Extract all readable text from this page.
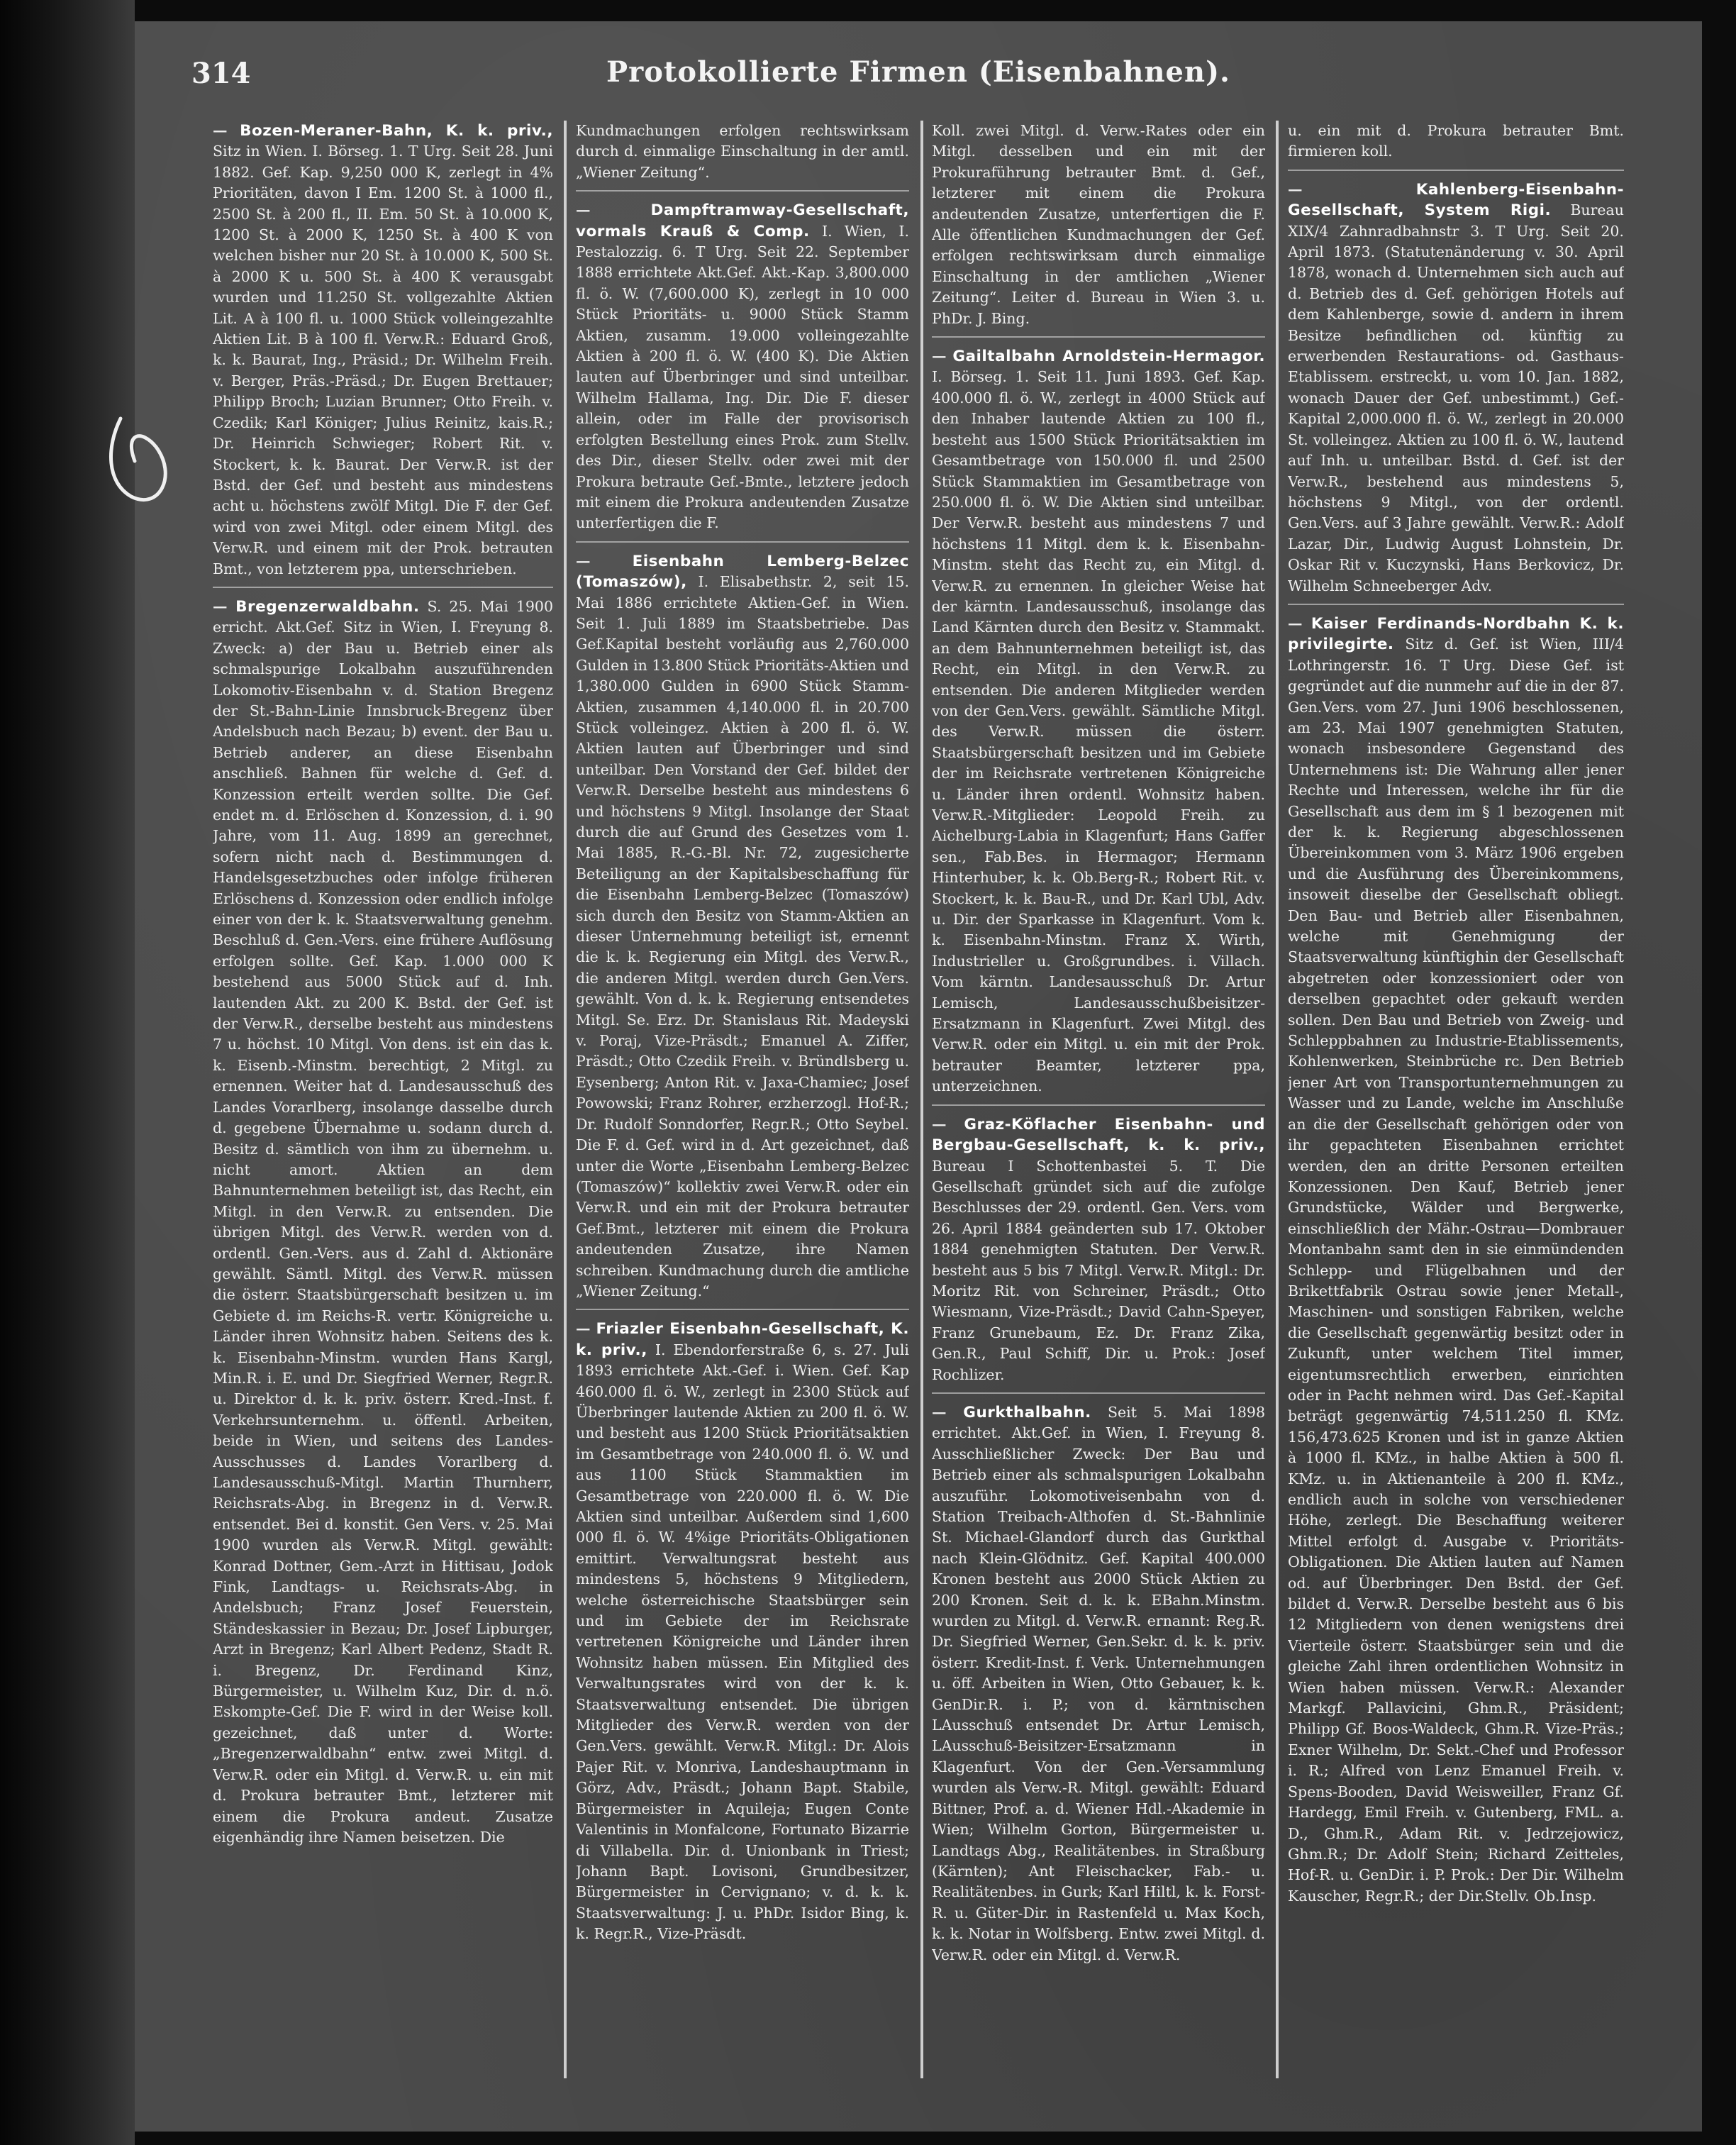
314	Protokollierte Firmen (Eisenbahnen).

— Bozen-Meraner-Bahn, K. k. priv., Sitz in Wien. I. Börseg. 1. T Urg. Seit 28. Juni 1882. Gef. Kap. 9,250 000 K, zerlegt in 4% Prioritäten, davon I Em. 1200 St. à 1000 fl., 2500 St. à 200 fl., II. Em. 50 St. à 10.000 K, 1200 St. à 2000 K, 1250 St. à 400 K von welchen bisher nur 20 St. à 10.000 K, 500 St. à 2000 K u. 500 St. à 400 K verausgabt wurden und 11.250 St. vollgezahlte Aktien Lit. A à 100 fl. u. 1000 Stück volleingezahlte Aktien Lit. B à 100 fl. Verw.R.: Eduard Groß, k. k. Baurat, Ing., Präsid.; Dr. Wilhelm Freih. v. Berger, Präs.-Präsd.; Dr. Eugen Brettauer; Philipp Broch; Luzian Brunner; Otto Freih. v. Czedik; Karl Königer; Julius Reinitz, kais.R.; Dr. Heinrich Schwieger; Robert Rit. v. Stockert, k. k. Baurat. Der Verw.R. ist der Bstd. der Gef. und besteht aus mindestens acht u. höchstens zwölf Mitgl. Die F. der Gef. wird von zwei Mitgl. oder einem Mitgl. des Verw.R. und einem mit der Prok. betrauten Bmt., von letzterem ppa, unterschrieben.

— Bregenzerwaldbahn. S. 25. Mai 1900 erricht. Akt.Gef. Sitz in Wien, I. Freyung 8. Zweck: a) der Bau u. Betrieb einer als schmalspurige Lokalbahn auszuführenden Lokomotiv-Eisenbahn v. d. Station Bregenz der St.-Bahn-Linie Innsbruck-Bregenz über Andelsbuch nach Bezau; b) event. der Bau u. Betrieb anderer, an diese Eisenbahn anschließ. Bahnen für welche d. Gef. d. Konzession erteilt werden sollte. Die Gef. endet m. d. Erlöschen d. Konzession, d. i. 90 Jahre, vom 11. Aug. 1899 an gerechnet, sofern nicht nach d. Bestimmungen d. Handelsgesetzbuches oder infolge früheren Erlöschens d. Konzession oder endlich infolge einer von der k. k. Staatsverwaltung genehm. Beschluß d. Gen.-Vers. eine frühere Auflösung erfolgen sollte. Gef. Kap. 1.000 000 K bestehend aus 5000 Stück auf d. Inh. lautenden Akt. zu 200 K. Bstd. der Gef. ist der Verw.R., derselbe besteht aus mindestens 7 u. höchst. 10 Mitgl. Von dens. ist ein das k. k. Eisenb.-Minstm. berechtigt, 2 Mitgl. zu ernennen. Weiter hat d. Landesausschuß des Landes Vorarlberg, insolange dasselbe durch d. gegebene Übernahme u. sodann durch d. Besitz d. sämtlich von ihm zu übernehm. u. nicht amort. Aktien an dem Bahnunternehmen beteiligt ist, das Recht, ein Mitgl. in den Verw.R. zu entsenden. Die übrigen Mitgl. des Verw.R. werden von d. ordentl. Gen.-Vers. aus d. Zahl d. Aktionäre gewählt. Sämtl. Mitgl. des Verw.R. müssen die österr. Staatsbürgerschaft besitzen u. im Gebiete d. im Reichs-R. vertr. Königreiche u. Länder ihren Wohnsitz haben. Seitens des k. k. Eisenbahn-Minstm. wurden Hans Kargl, Min.R. i. E. und Dr. Siegfried Werner, Regr.R. u. Direktor d. k. k. priv. österr. Kred.-Inst. f. Verkehrsunternehm. u. öffentl. Arbeiten, beide in Wien, und seitens des Landes-Ausschusses d. Landes Vorarlberg d. Landesausschuß-Mitgl. Martin Thurnherr, Reichsrats-Abg. in Bregenz in d. Verw.R. entsendet. Bei d. konstit. Gen Vers. v. 25. Mai 1900 wurden als Verw.R. Mitgl. gewählt: Konrad Dottner, Gem.-Arzt in Hittisau, Jodok Fink, Landtags- u. Reichsrats-Abg. in Andelsbuch; Franz Josef Feuerstein, Ständeskassier in Bezau; Dr. Josef Lipburger, Arzt in Bregenz; Karl Albert Pedenz, Stadt R. i. Bregenz, Dr. Ferdinand Kinz, Bürgermeister, u. Wilhelm Kuz, Dir. d. n.ö. Eskompte-Gef. Die F. wird in der Weise koll. gezeichnet, daß unter d. Worte: „Bregenzerwaldbahn“ entw. zwei Mitgl. d. Verw.R. oder ein Mitgl. d. Verw.R. u. ein mit d. Prokura betrauter Bmt., letzterer mit einem die Prokura andeut. Zusatze eigenhändig ihre Namen beisetzen. Die

Kundmachungen erfolgen rechtswirksam durch d. einmalige Einschaltung in der amtl. „Wiener Zeitung“.

— Dampftramway-Gesellschaft, vormals Krauß & Comp. I. Wien, I. Pestalozzig. 6. T Urg. Seit 22. September 1888 errichtete Akt.Gef. Akt.-Kap. 3,800.000 fl. ö. W. (7,600.000 K), zerlegt in 10 000 Stück Prioritäts- u. 9000 Stück Stamm Aktien, zusamm. 19.000 volleingezahlte Aktien à 200 fl. ö. W. (400 K). Die Aktien lauten auf Überbringer und sind unteilbar. Wilhelm Hallama, Ing. Dir. Die F. dieser allein, oder im Falle der provisorisch erfolgten Bestellung eines Prok. zum Stellv. des Dir., dieser Stellv. oder zwei mit der Prokura betraute Gef.-Bmte., letztere jedoch mit einem die Prokura andeutenden Zusatze unterfertigen die F.

— Eisenbahn Lemberg-Belzec (Tomaszów), I. Elisabethstr. 2, seit 15. Mai 1886 errichtete Aktien-Gef. in Wien. Seit 1. Juli 1889 im Staatsbetriebe. Das Gef.Kapital besteht vorläufig aus 2,760.000 Gulden in 13.800 Stück Prioritäts-Aktien und 1,380.000 Gulden in 6900 Stück Stamm-Aktien, zusammen 4,140.000 fl. in 20.700 Stück volleingez. Aktien à 200 fl. ö. W. Aktien lauten auf Überbringer und sind unteilbar. Den Vorstand der Gef. bildet der Verw.R. Derselbe besteht aus mindestens 6 und höchstens 9 Mitgl. Insolange der Staat durch die auf Grund des Gesetzes vom 1. Mai 1885, R.-G.-Bl. Nr. 72, zugesicherte Beteiligung an der Kapitalsbeschaffung für die Eisenbahn Lemberg-Belzec (Tomaszów) sich durch den Besitz von Stamm-Aktien an dieser Unternehmung beteiligt ist, ernennt die k. k. Regierung ein Mitgl. des Verw.R., die anderen Mitgl. werden durch Gen.Vers. gewählt. Von d. k. k. Regierung entsendetes Mitgl. Se. Erz. Dr. Stanislaus Rit. Madeyski v. Poraj, Vize-Präsdt.; Emanuel A. Ziffer, Präsdt.; Otto Czedik Freih. v. Bründlsberg u. Eysenberg; Anton Rit. v. Jaxa-Chamiec; Josef Powowski; Franz Rohrer, erzherzogl. Hof-R.; Dr. Rudolf Sonndorfer, Regr.R.; Otto Seybel. Die F. d. Gef. wird in d. Art gezeichnet, daß unter die Worte „Eisenbahn Lemberg-Belzec (Tomaszów)“ kollektiv zwei Verw.R. oder ein Verw.R. und ein mit der Prokura betrauter Gef.Bmt., letzterer mit einem die Prokura andeutenden Zusatze, ihre Namen schreiben. Kundmachung durch die amtliche „Wiener Zeitung.“

— Friazler Eisenbahn-Gesellschaft, K. k. priv., I. Ebendorferstraße 6, s. 27. Juli 1893 errichtete Akt.-Gef. i. Wien. Gef. Kap 460.000 fl. ö. W., zerlegt in 2300 Stück auf Überbringer lautende Aktien zu 200 fl. ö. W. und besteht aus 1200 Stück Prioritätsaktien im Gesamtbetrage von 240.000 fl. ö. W. und aus 1100 Stück Stammaktien im Gesamtbetrage von 220.000 fl. ö. W. Die Aktien sind unteilbar. Außerdem sind 1,600 000 fl. ö. W. 4%ige Prioritäts-Obligationen emittirt. Verwaltungsrat besteht aus mindestens 5, höchstens 9 Mitgliedern, welche österreichische Staatsbürger sein und im Gebiete der im Reichsrate vertretenen Königreiche und Länder ihren Wohnsitz haben müssen. Ein Mitglied des Verwaltungsrates wird von der k. k. Staatsverwaltung entsendet. Die übrigen Mitglieder des Verw.R. werden von der Gen.Vers. gewählt. Verw.R. Mitgl.: Dr. Alois Pajer Rit. v. Monriva, Landeshauptmann in Görz, Adv., Präsdt.; Johann Bapt. Stabile, Bürgermeister in Aquileja; Eugen Conte Valentinis in Monfalcone, Fortunato Bizarrie di Villabella. Dir. d. Unionbank in Triest; Johann Bapt. Lovisoni, Grundbesitzer, Bürgermeister in Cervignano; v. d. k. k. Staatsverwaltung: J. u. PhDr. Isidor Bing, k. k. Regr.R., Vize-Präsdt.

Koll. zwei Mitgl. d. Verw.-Rates oder ein Mitgl. desselben und ein mit der Prokuraführung betrauter Bmt. d. Gef., letzterer mit einem die Prokura andeutenden Zusatze, unterfertigen die F. Alle öffentlichen Kundmachungen der Gef. erfolgen rechtswirksam durch einmalige Einschaltung in der amtlichen „Wiener Zeitung“. Leiter d. Bureau in Wien 3. u. PhDr. J. Bing.

— Gailtalbahn Arnoldstein-Hermagor. I. Börseg. 1. Seit 11. Juni 1893. Gef. Kap. 400.000 fl. ö. W., zerlegt in 4000 Stück auf den Inhaber lautende Aktien zu 100 fl., besteht aus 1500 Stück Prioritätsaktien im Gesamtbetrage von 150.000 fl. und 2500 Stück Stammaktien im Gesamtbetrage von 250.000 fl. ö. W. Die Aktien sind unteilbar. Der Verw.R. besteht aus mindestens 7 und höchstens 11 Mitgl. dem k. k. Eisenbahn-Minstm. steht das Recht zu, ein Mitgl. d. Verw.R. zu ernennen. In gleicher Weise hat der kärntn. Landesausschuß, insolange das Land Kärnten durch den Besitz v. Stammakt. an dem Bahnunternehmen beteiligt ist, das Recht, ein Mitgl. in den Verw.R. zu entsenden. Die anderen Mitglieder werden von der Gen.Vers. gewählt. Sämtliche Mitgl. des Verw.R. müssen die österr. Staatsbürgerschaft besitzen und im Gebiete der im Reichsrate vertretenen Königreiche u. Länder ihren ordentl. Wohnsitz haben. Verw.R.-Mitglieder: Leopold Freih. zu Aichelburg-Labia in Klagenfurt; Hans Gaffer sen., Fab.Bes. in Hermagor; Hermann Hinterhuber, k. k. Ob.Berg-R.; Robert Rit. v. Stockert, k. k. Bau-R., und Dr. Karl Ubl, Adv. u. Dir. der Sparkasse in Klagenfurt. Vom k. k. Eisenbahn-Minstm. Franz X. Wirth, Industrieller u. Großgrundbes. i. Villach. Vom kärntn. Landesausschuß Dr. Artur Lemisch, Landesausschußbeisitzer-Ersatzmann in Klagenfurt. Zwei Mitgl. des Verw.R. oder ein Mitgl. u. ein mit der Prok. betrauter Beamter, letzterer ppa, unterzeichnen.

— Graz-Köflacher Eisenbahn- und Bergbau-Gesellschaft, k. k. priv., Bureau I Schottenbastei 5. T. Die Gesellschaft gründet sich auf die zufolge Beschlusses der 29. ordentl. Gen. Vers. vom 26. April 1884 geänderten sub 17. Oktober 1884 genehmigten Statuten. Der Verw.R. besteht aus 5 bis 7 Mitgl. Verw.R. Mitgl.: Dr. Moritz Rit. von Schreiner, Präsdt.; Otto Wiesmann, Vize-Präsdt.; David Cahn-Speyer, Franz Grunebaum, Ez. Dr. Franz Zika, Gen.R., Paul Schiff, Dir. u. Prok.: Josef Rochlizer.

— Gurkthalbahn. Seit 5. Mai 1898 errichtet. Akt.Gef. in Wien, I. Freyung 8. Ausschließlicher Zweck: Der Bau und Betrieb einer als schmalspurigen Lokalbahn auszuführ. Lokomotiveisenbahn von d. Station Treibach-Althofen d. St.-Bahnlinie St. Michael-Glandorf durch das Gurkthal nach Klein-Glödnitz. Gef. Kapital 400.000 Kronen besteht aus 2000 Stück Aktien zu 200 Kronen. Seit d. k. k. EBahn.Minstm. wurden zu Mitgl. d. Verw.R. ernannt: Reg.R. Dr. Siegfried Werner, Gen.Sekr. d. k. k. priv. österr. Kredit-Inst. f. Verk. Unternehmungen u. öff. Arbeiten in Wien, Otto Gebauer, k. k. GenDir.R. i. P.; von d. kärntnischen LAusschuß entsendet Dr. Artur Lemisch, LAusschuß-Beisitzer-Ersatzmann in Klagenfurt. Von der Gen.-Versammlung wurden als Verw.-R. Mitgl. gewählt: Eduard Bittner, Prof. a. d. Wiener Hdl.-Akademie in Wien; Wilhelm Gorton, Bürgermeister u. Landtags Abg., Realitätenbes. in Straßburg (Kärnten); Ant Fleischacker, Fab.- u. Realitätenbes. in Gurk; Karl Hiltl, k. k. Forst-R. u. Güter-Dir. in Rastenfeld u. Max Koch, k. k. Notar in Wolfsberg. Entw. zwei Mitgl. d. Verw.R. oder ein Mitgl. d. Verw.R.

u. ein mit d. Prokura betrauter Bmt. firmieren koll.

— Kahlenberg-Eisenbahn-Gesellschaft, System Rigi. Bureau XIX/4 Zahnradbahnstr 3. T Urg. Seit 20. April 1873. (Statutenänderung v. 30. April 1878, wonach d. Unternehmen sich auch auf d. Betrieb des d. Gef. gehörigen Hotels auf dem Kahlenberge, sowie d. andern in ihrem Besitze befindlichen od. künftig zu erwerbenden Restaurations- od. Gasthaus-Etablissem. erstreckt, u. vom 10. Jan. 1882, wonach Dauer der Gef. unbestimmt.) Gef.-Kapital 2,000.000 fl. ö. W., zerlegt in 20.000 St. volleingez. Aktien zu 100 fl. ö. W., lautend auf Inh. u. unteilbar. Bstd. d. Gef. ist der Verw.R., bestehend aus mindestens 5, höchstens 9 Mitgl., von der ordentl. Gen.Vers. auf 3 Jahre gewählt. Verw.R.: Adolf Lazar, Dir., Ludwig August Lohnstein, Dr. Oskar Rit v. Kuczynski, Hans Berkovicz, Dr. Wilhelm Schneeberger Adv.

— Kaiser Ferdinands-Nordbahn K. k. privilegirte. Sitz d. Gef. ist Wien, III/4 Lothringerstr. 16. T Urg. Diese Gef. ist gegründet auf die nunmehr auf die in der 87. Gen.Vers. vom 27. Juni 1906 beschlossenen, am 23. Mai 1907 genehmigten Statuten, wonach insbesondere Gegenstand des Unternehmens ist: Die Wahrung aller jener Rechte und Interessen, welche ihr für die Gesellschaft aus dem im § 1 bezogenen mit der k. k. Regierung abgeschlossenen Übereinkommen vom 3. März 1906 ergeben und die Ausführung des Übereinkommens, insoweit dieselbe der Gesellschaft obliegt. Den Bau- und Betrieb aller Eisenbahnen, welche mit Genehmigung der Staatsverwaltung künftighin der Gesellschaft abgetreten oder konzessioniert oder von derselben gepachtet oder gekauft werden sollen. Den Bau und Betrieb von Zweig- und Schleppbahnen zu Industrie-Etablissements, Kohlenwerken, Steinbrüche rc. Den Betrieb jener Art von Transportunternehmungen zu Wasser und zu Lande, welche im Anschluße an die der Gesellschaft gehörigen oder von ihr gepachteten Eisenbahnen errichtet werden, den an dritte Personen erteilten Konzessionen. Den Kauf, Betrieb jener Grundstücke, Wälder und Bergwerke, einschließlich der Mähr.-Ostrau—Dombrauer Montanbahn samt den in sie einmündenden Schlepp- und Flügelbahnen und der Brikettfabrik Ostrau sowie jener Metall-, Maschinen- und sonstigen Fabriken, welche die Gesellschaft gegenwärtig besitzt oder in Zukunft, unter welchem Titel immer, eigentumsrechtlich erwerben, einrichten oder in Pacht nehmen wird. Das Gef.-Kapital beträgt gegenwärtig 74,511.250 fl. KMz. 156,473.625 Kronen und ist in ganze Aktien à 1000 fl. KMz., in halbe Aktien à 500 fl. KMz. u. in Aktienanteile à 200 fl. KMz., endlich auch in solche von verschiedener Höhe, zerlegt. Die Beschaffung weiterer Mittel erfolgt d. Ausgabe v. Prioritäts-Obligationen. Die Aktien lauten auf Namen od. auf Überbringer. Den Bstd. der Gef. bildet d. Verw.R. Derselbe besteht aus 6 bis 12 Mitgliedern von denen wenigstens drei Vierteile österr. Staatsbürger sein und die gleiche Zahl ihren ordentlichen Wohnsitz in Wien haben müssen. Verw.R.: Alexander Markgf. Pallavicini, Ghm.R., Präsident; Philipp Gf. Boos-Waldeck, Ghm.R. Vize-Präs.; Exner Wilhelm, Dr. Sekt.-Chef und Professor i. R.; Alfred von Lenz Emanuel Freih. v. Spens-Booden, David Weisweiller, Franz Gf. Hardegg, Emil Freih. v. Gutenberg, FML. a. D., Ghm.R., Adam Rit. v. Jedrzejowicz, Ghm.R.; Dr. Adolf Stein; Richard Zeitteles, Hof-R. u. GenDir. i. P. Prok.: Der Dir. Wilhelm Kauscher, Regr.R.; der Dir.Stellv. Ob.Insp.
